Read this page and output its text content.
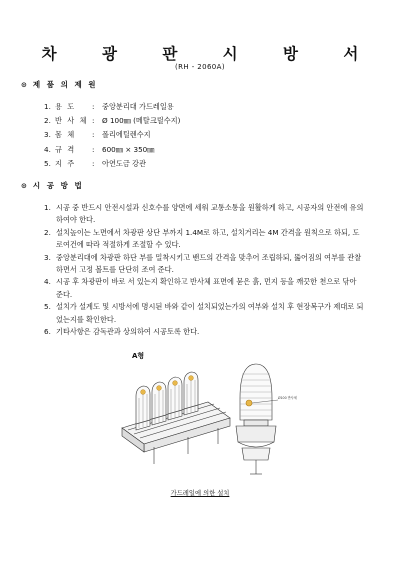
차 광 판 시 방 서
(RH - 2060A)
⊙ 제 품 의 제 원
1. 용 도	:	중앙분리대 가드레일용
2. 반 사 체 :	Ø 100㎜ (메탈크릴수지)
3. 몸 체	:	폴리에틸렌수지
4. 규 격	:	600㎜ × 350㎜
5. 지 주	:	아연도금 강관
⊙ 시 공 방 법
1. 시공 중 반드시 안전시설과 신호수를 양면에 세워 교통소통을 원활하게 하고, 시공자의 안전에 유의 하여야 한다.
2. 설치높이는 노면에서 차광판 상단 부까지 1.4M로 하고, 설치거리는 4M 간격을 원칙으로 하되, 도로여건에 따라 적절하게 조절할 수 있다.
3. 중앙분리대에 차광판 하단 부를 밀착시키고 밴드의 간격을 맞추어 조립하되, 뚫어짐의 여부를 관찰하면서 고정 볼트를 단단히 조여 준다.
4. 시공 후 차광판이 바로 서 있는지 확인하고 반사체 표면에 묻은 흙, 먼지 등을 깨끗한 천으로 닦아 준다.
5. 설치가 설계도 및 시방서에 명시된 바와 같이 설치되었는가의 여부와 설치 후 현장복구가 제대로 되었는지를 확인한다.
6. 기타사항은 감독관과 상의하여 시공토록 한다.
A형
Ø100 반사체
가드레일에 의한 설치
